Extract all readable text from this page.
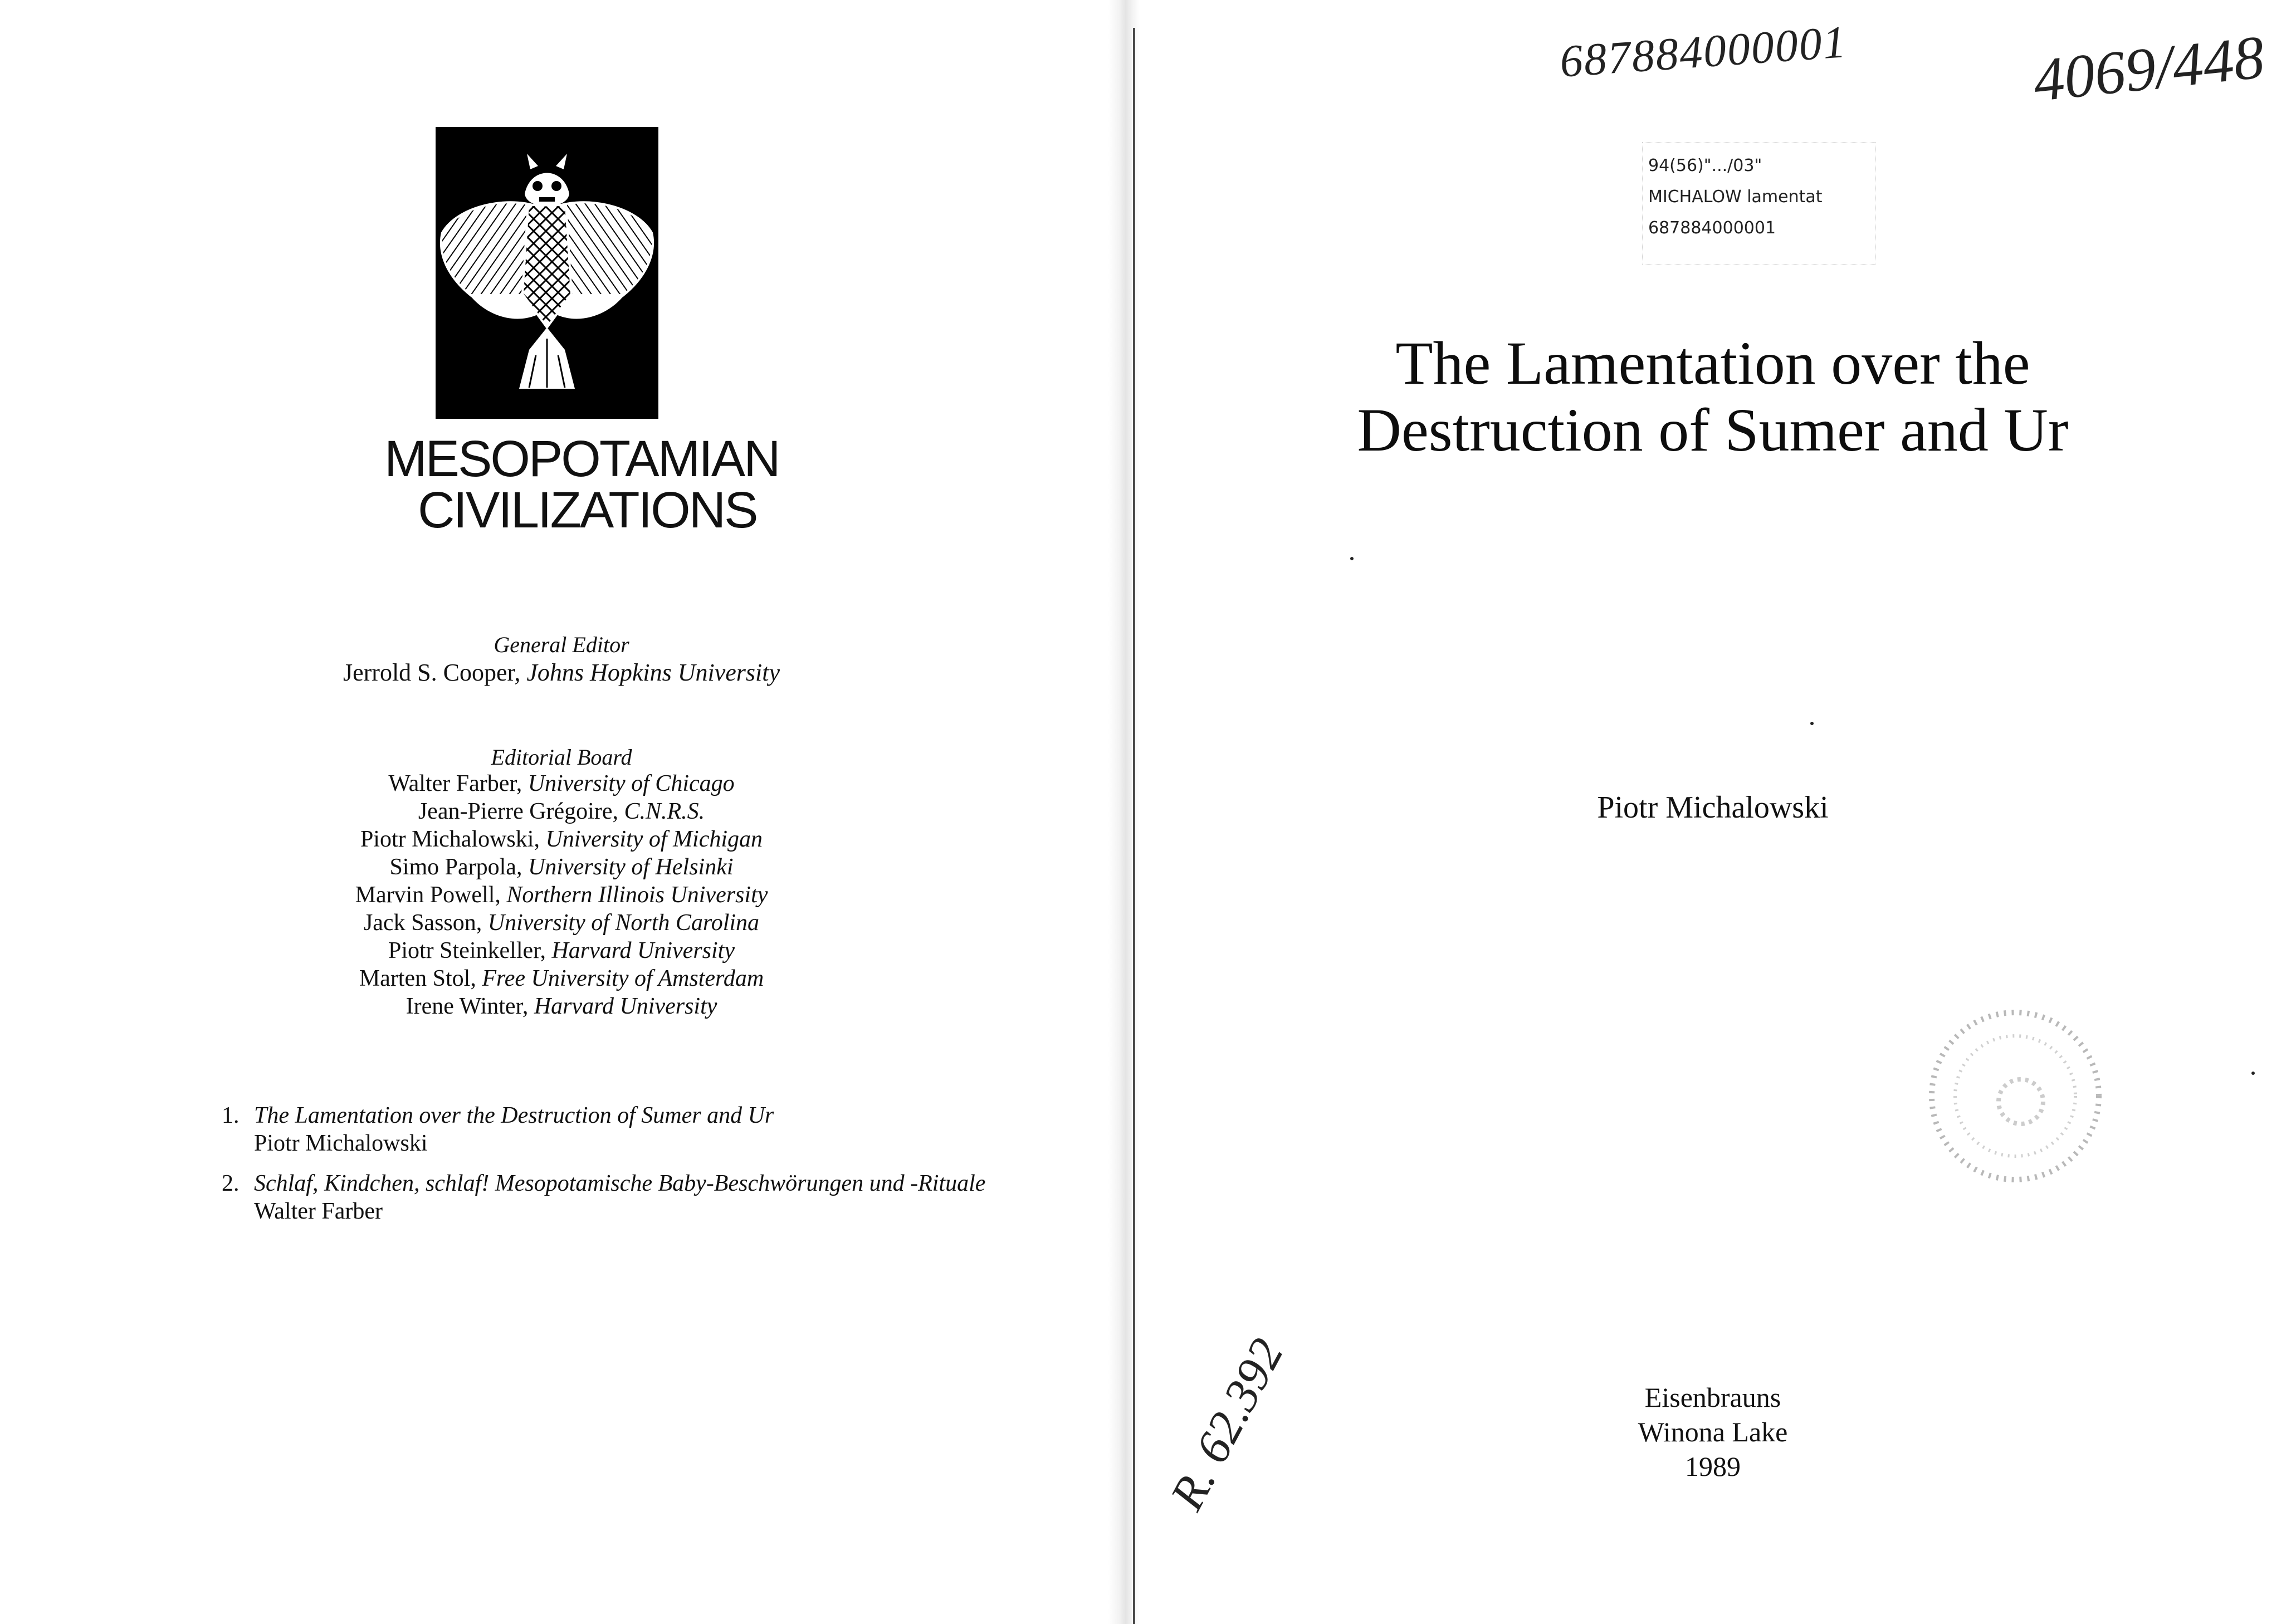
MESOPOTAMIAN
CIVILIZATIONS
General Editor
Jerrold S. Cooper, Johns Hopkins University
Editorial Board
Walter Farber, University of Chicago
Jean-Pierre Grégoire, C.N.R.S.
Piotr Michalowski, University of Michigan
Simo Parpola, University of Helsinki
Marvin Powell, Northern Illinois University
Jack Sasson, University of North Carolina
Piotr Steinkeller, Harvard University
Marten Stol, Free University of Amsterdam
Irene Winter, Harvard University
1. The Lamentation over the Destruction of Sumer and Ur
Piotr Michalowski
2. Schlaf, Kindchen, schlaf! Mesopotamische Baby-Beschwörungen und -Rituale
Walter Farber
687884000001	4069/448
94(56)".../03"
MICHALOW lamentat
687884000001
The Lamentation over the
Destruction of Sumer and Ur
Piotr Michalowski
Eisenbrauns
Winona Lake
1989
R. 62.392
